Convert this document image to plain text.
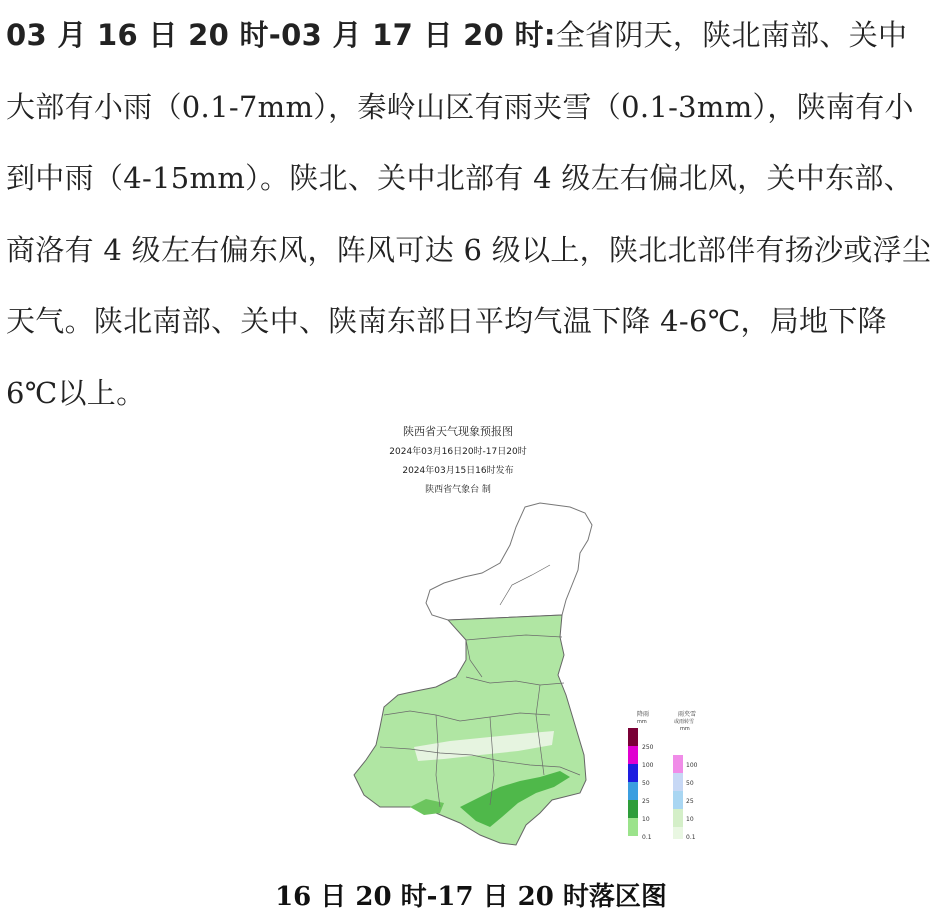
03 月 16 日 20 时-03 月 17 日 20 时:全省阴天，陕北南部、关中大部有小雨（0.1-7mm），秦岭山区有雨夹雪（0.1-3mm），陕南有小到中雨（4-15mm）。陕北、关中北部有 4 级左右偏北风，关中东部、商洛有 4 级左右偏东风，阵风可达 6 级以上，陕北北部伴有扬沙或浮尘天气。陕北南部、关中、陕南东部日平均气温下降 4-6℃，局地下降 6℃以上。

陕西省天气现象预报图
2024年03月16日20时-17日20时
2024年03月15日16时发布
陕西省气象台 制
降雨
mm
250
100
50
25
10
0.1
雨夹雪
或雨转雪
mm
100
50
25
10
0.1
16 日 20 时-17 日 20 时落区图
